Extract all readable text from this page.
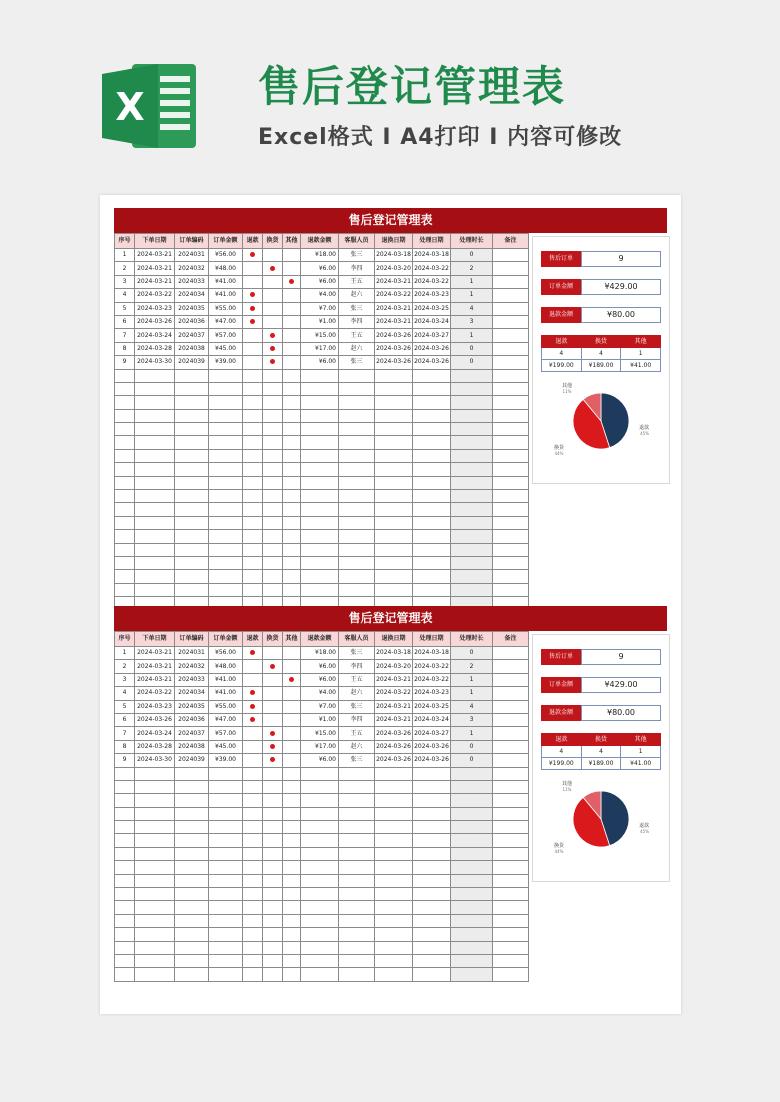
X	售后登记管理表
Excel格式 I A4打印 I 内容可修改
售后登记管理表
序号	下单日期	订单编码	订单金额	退款	换货	其他	退款金额	客服人员	退换日期	处理日期	处理时长	备注
1	2024-03-21	2024031	¥56.00				¥18.00	张三	2024-03-18	2024-03-18	0	
2	2024-03-21	2024032	¥48.00				¥6.00	李四	2024-03-20	2024-03-22	2	
3	2024-03-21	2024033	¥41.00				¥6.00	王五	2024-03-21	2024-03-22	1	
4	2024-03-22	2024034	¥41.00				¥4.00	赵六	2024-03-22	2024-03-23	1	
5	2024-03-23	2024035	¥55.00				¥7.00	张三	2024-03-21	2024-03-25	4	
6	2024-03-26	2024036	¥47.00				¥1.00	李四	2024-03-21	2024-03-24	3	
7	2024-03-24	2024037	¥57.00				¥15.00	王五	2024-03-26	2024-03-27	1	
8	2024-03-28	2024038	¥45.00				¥17.00	赵六	2024-03-26	2024-03-26	0	
9	2024-03-30	2024039	¥39.00				¥6.00	张三	2024-03-26	2024-03-26	0	

售后订单	9
订单金额	¥429.00
退款金额	¥80.00
退款	换货	其他
4	4	1
¥199.00	¥189.00	¥41.00
退款
45%
换货
44%
其他
11%
售后登记管理表
序号	下单日期	订单编码	订单金额	退款	换货	其他	退款金额	客服人员	退换日期	处理日期	处理时长	备注
1	2024-03-21	2024031	¥56.00				¥18.00	张三	2024-03-18	2024-03-18	0	
2	2024-03-21	2024032	¥48.00				¥6.00	李四	2024-03-20	2024-03-22	2	
3	2024-03-21	2024033	¥41.00				¥6.00	王五	2024-03-21	2024-03-22	1	
4	2024-03-22	2024034	¥41.00				¥4.00	赵六	2024-03-22	2024-03-23	1	
5	2024-03-23	2024035	¥55.00				¥7.00	张三	2024-03-21	2024-03-25	4	
6	2024-03-26	2024036	¥47.00				¥1.00	李四	2024-03-21	2024-03-24	3	
7	2024-03-24	2024037	¥57.00				¥15.00	王五	2024-03-26	2024-03-27	1	
8	2024-03-28	2024038	¥45.00				¥17.00	赵六	2024-03-26	2024-03-26	0	
9	2024-03-30	2024039	¥39.00				¥6.00	张三	2024-03-26	2024-03-26	0	

售后订单	9
订单金额	¥429.00
退款金额	¥80.00
退款	换货	其他
4	4	1
¥199.00	¥189.00	¥41.00
退款
45%
换货
44%
其他
11%
